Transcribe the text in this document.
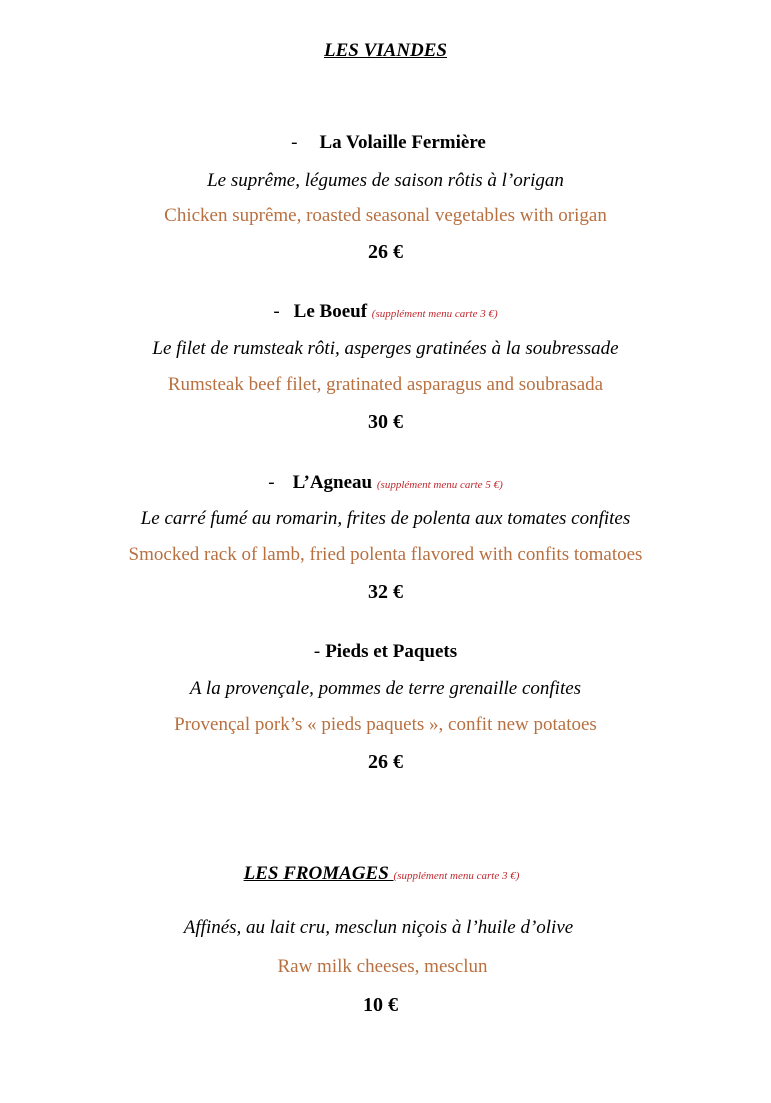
LES VIANDES
- La Volaille Fermière
Le suprême, légumes de saison rôtis à l’origan
Chicken suprême, roasted seasonal vegetables with origan
26 €
- Le Boeuf (supplément menu carte 3 €)
Le filet de rumsteak rôti, asperges gratinées à la soubressade
Rumsteak beef filet, gratinated asparagus and soubrasada
30 €
- L’Agneau (supplément menu carte 5 €)
Le carré fumé au romarin, frites de polenta aux tomates confites
Smocked rack of lamb, fried polenta flavored with confits tomatoes
32 €
- Pieds et Paquets
A la provençale, pommes de terre grenaille confites
Provençal pork’s « pieds paquets », confit new potatoes
26 €
LES FROMAGES (supplément menu carte 3 €)
Affinés, au lait cru, mesclun niçois à l’huile d’olive
Raw milk cheeses, mesclun
10 €
